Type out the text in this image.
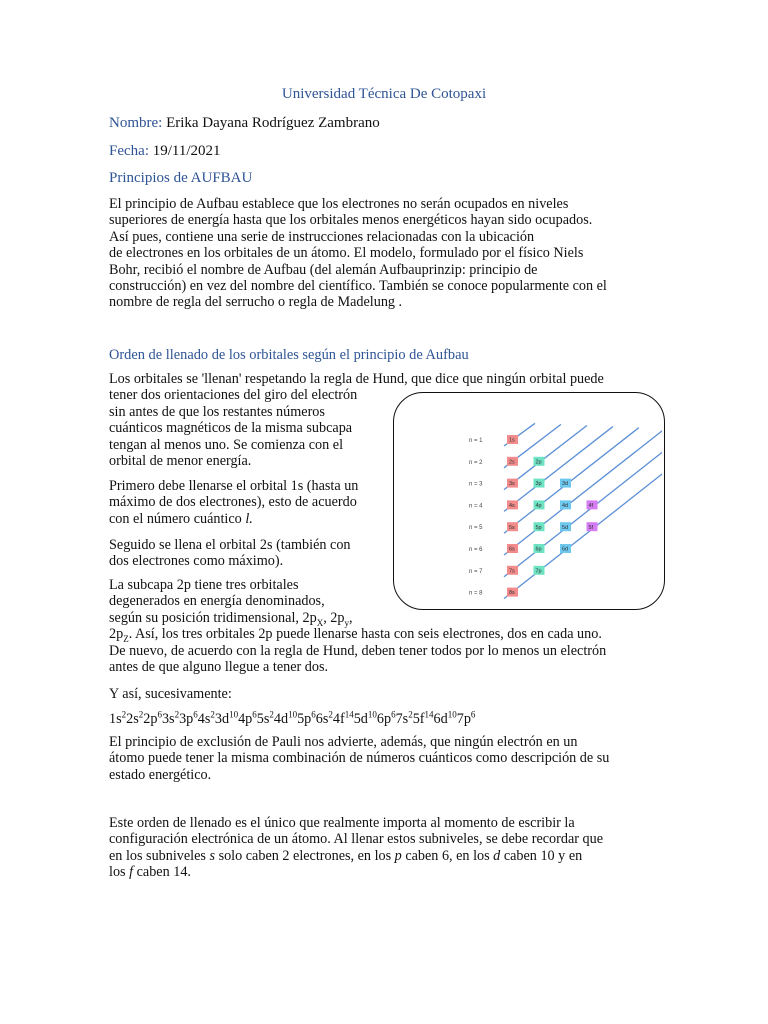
Universidad Técnica De Cotopaxi
Nombre: Erika Dayana Rodríguez Zambrano
Fecha: 19/11/2021
Principios de AUFBAU
El principio de Aufbau establece que los electrones no serán ocupados en niveles
superiores de energía hasta que los orbitales menos energéticos hayan sido ocupados.
Así pues, contiene una serie de instrucciones relacionadas con la ubicación
de electrones en los orbitales de un átomo. El modelo, formulado por el físico Niels
Bohr, recibió el nombre de Aufbau (del alemán Aufbauprinzip: principio de
construcción) en vez del nombre del científico. También se conoce popularmente con el
nombre de regla del serrucho o regla de Madelung .
Orden de llenado de los orbitales según el principio de Aufbau
Los orbitales se 'llenan' respetando la regla de Hund, que dice que ningún orbital puede
tener dos orientaciones del giro del electrón
sin antes de que los restantes números
cuánticos magnéticos de la misma subcapa
tengan al menos uno. Se comienza con el
orbital de menor energía.
Primero debe llenarse el orbital 1s (hasta un
máximo de dos electrones), esto de acuerdo
con el número cuántico l.
Seguido se llena el orbital 2s (también con
dos electrones como máximo).
La subcapa 2p tiene tres orbitales
degenerados en energía denominados,
según su posición tridimensional, $2p_X$, $2p_y$,
$2p_Z$. Así, los tres orbitales 2p puede llenarse hasta con seis electrones, dos en cada uno.
De nuevo, de acuerdo con la regla de Hund, deben tener todos por lo menos un electrón
antes de que alguno llegue a tener dos.
Y así, sucesivamente:
$1s^22s^22p^63s^23p^64s^23d^{10}4p^65s^24d^{10}5p^66s^24f^{14}5d^{10}6p^67s^25f^{14}6d^{10}7p^6$
El principio de exclusión de Pauli nos advierte, además, que ningún electrón en un
átomo puede tener la misma combinación de números cuánticos como descripción de su
estado energético.
Este orden de llenado es el único que realmente importa al momento de escribir la
configuración electrónica de un átomo. Al llenar estos subniveles, se debe recordar que
en los subniveles s solo caben 2 electrones, en los p caben 6, en los d caben 10 y en
los f caben 14.
n = 1	1s
n = 2	2s	2p
n = 3	3s	3p	3d
n = 4	4s	4p	4d	4f
n = 5	5s	5p	5d	5f
n = 6	6s	6p	6d
n = 7	7s	7p
n = 8	8s
